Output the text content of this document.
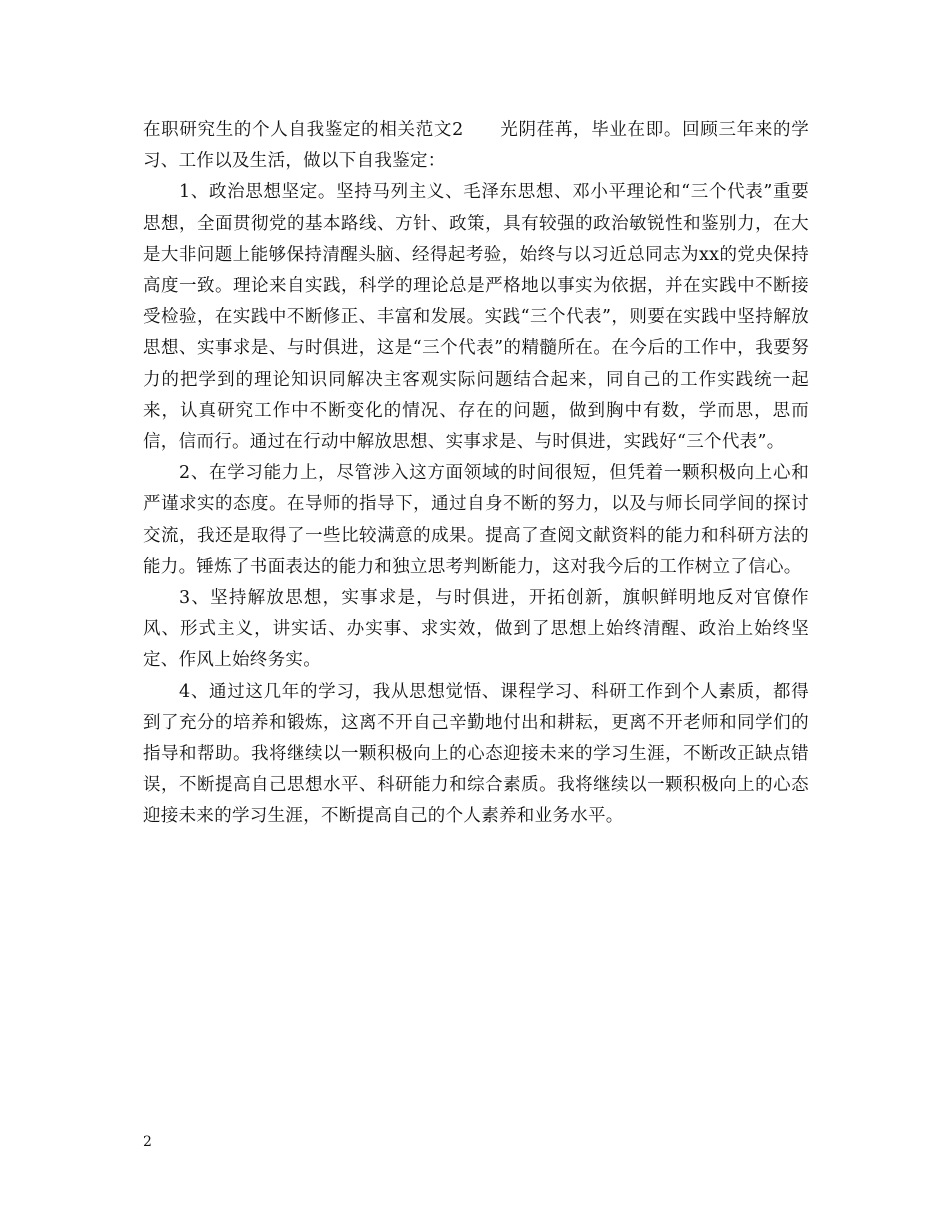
在职研究生的个人自我鉴定的相关范文2　　光阴荏苒，毕业在即。回顾三年来的学习、工作以及生活，做以下自我鉴定：

1、政治思想坚定。坚持马列主义、毛泽东思想、邓小平理论和“三个代表”重要思想，全面贯彻党的基本路线、方针、政策，具有较强的政治敏锐性和鉴别力，在大是大非问题上能够保持清醒头脑、经得起考验，始终与以习近总同志为xx的党央保持高度一致。理论来自实践，科学的理论总是严格地以事实为依据，并在实践中不断接受检验，在实践中不断修正、丰富和发展。实践“三个代表”，则要在实践中坚持解放思想、实事求是、与时俱进，这是“三个代表”的精髓所在。在今后的工作中，我要努力的把学到的理论知识同解决主客观实际问题结合起来，同自己的工作实践统一起来，认真研究工作中不断变化的情况、存在的问题，做到胸中有数，学而思，思而信，信而行。通过在行动中解放思想、实事求是、与时俱进，实践好“三个代表”。

2、在学习能力上，尽管涉入这方面领域的时间很短，但凭着一颗积极向上心和严谨求实的态度。在导师的指导下，通过自身不断的努力，以及与师长同学间的探讨交流，我还是取得了一些比较满意的成果。提高了查阅文献资料的能力和科研方法的能力。锤炼了书面表达的能力和独立思考判断能力，这对我今后的工作树立了信心。

3、坚持解放思想，实事求是，与时俱进，开拓创新，旗帜鲜明地反对官僚作风、形式主义，讲实话、办实事、求实效，做到了思想上始终清醒、政治上始终坚定、作风上始终务实。

4、通过这几年的学习，我从思想觉悟、课程学习、科研工作到个人素质，都得到了充分的培养和锻炼，这离不开自己辛勤地付出和耕耘，更离不开老师和同学们的指导和帮助。我将继续以一颗积极向上的心态迎接未来的学习生涯，不断改正缺点错误，不断提高自己思想水平、科研能力和综合素质。我将继续以一颗积极向上的心态迎接未来的学习生涯，不断提高自己的个人素养和业务水平。

2
